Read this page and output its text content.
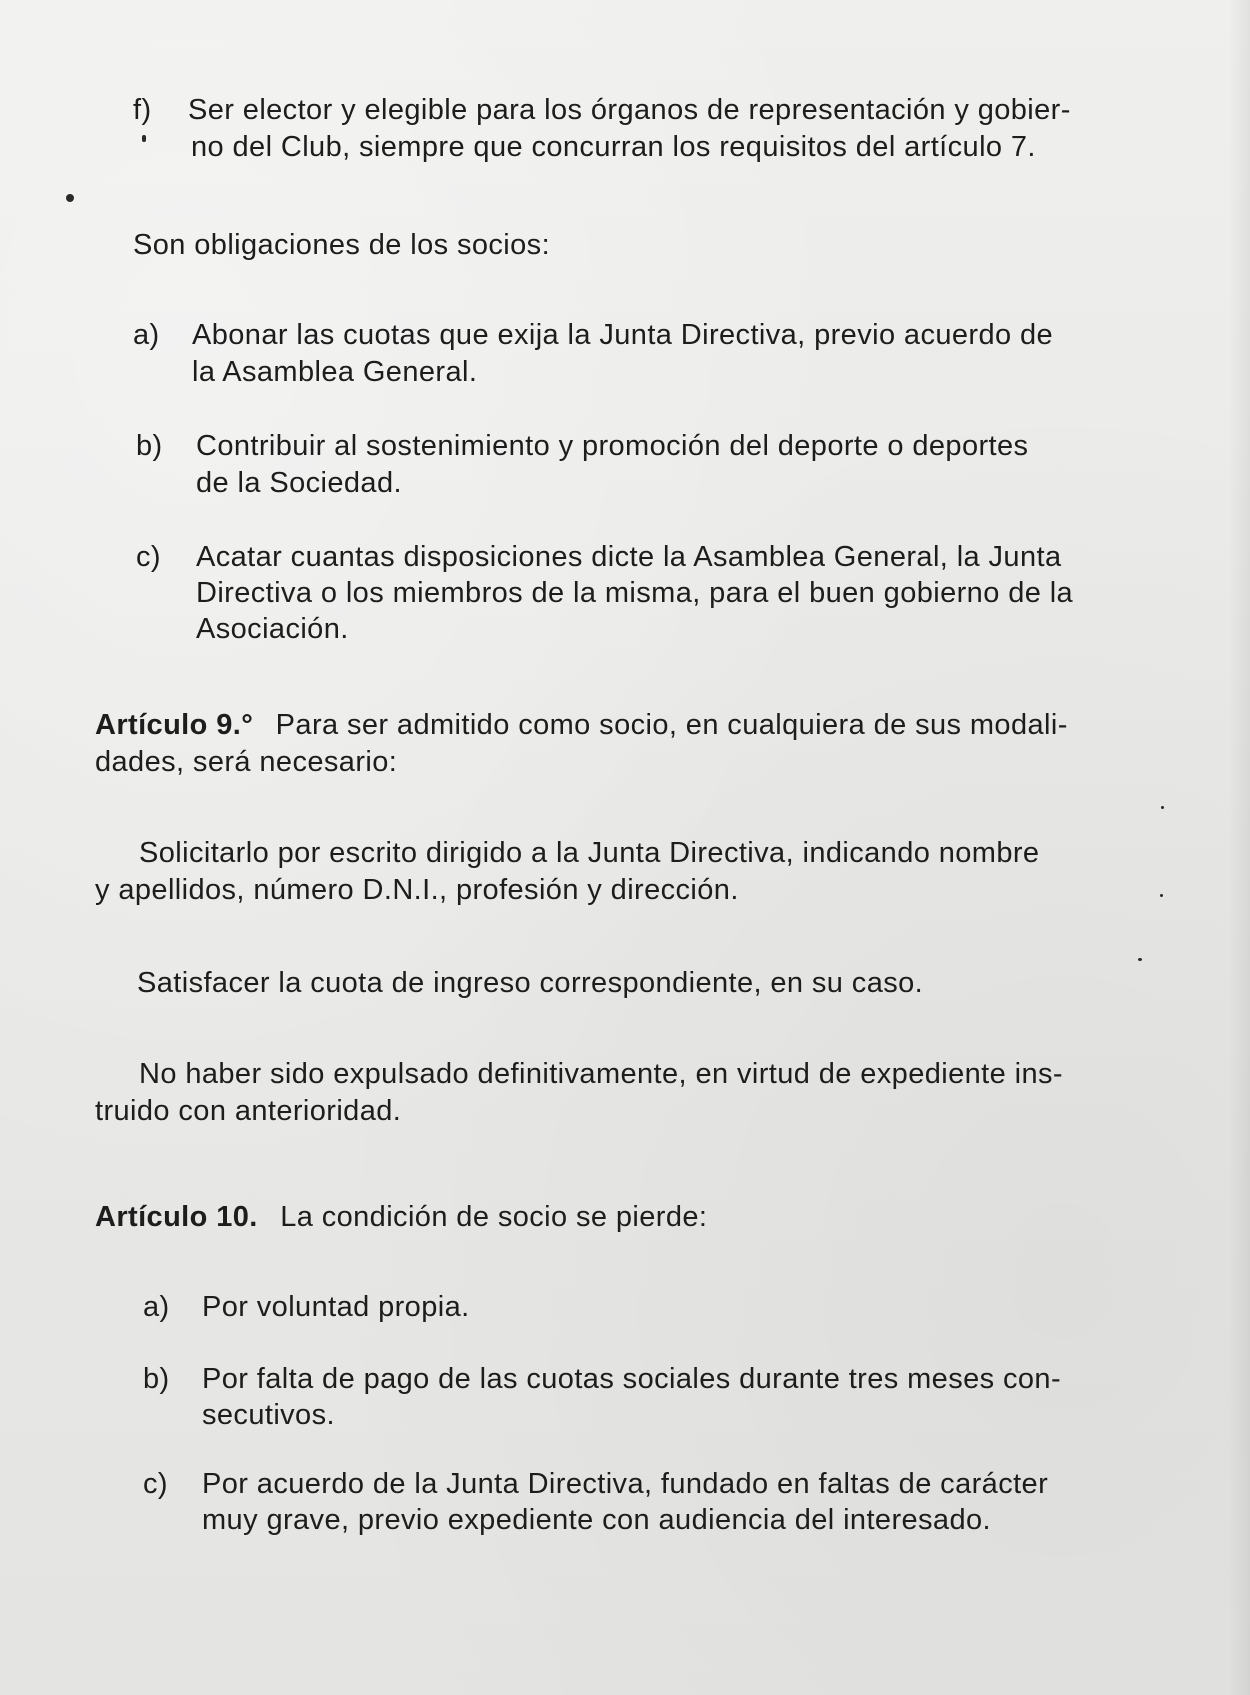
f) Ser elector y elegible para los órganos de representación y gobier-
no del Club, siempre que concurran los requisitos del artículo 7.
Son obligaciones de los socios:
a) Abonar las cuotas que exija la Junta Directiva, previo acuerdo de
la Asamblea General.
b) Contribuir al sostenimiento y promoción del deporte o deportes
de la Sociedad.
c) Acatar cuantas disposiciones dicte la Asamblea General, la Junta
Directiva o los miembros de la misma, para el buen gobierno de la
Asociación.
Artículo 9.° Para ser admitido como socio, en cualquiera de sus modali-
dades, será necesario:
Solicitarlo por escrito dirigido a la Junta Directiva, indicando nombre
y apellidos, número D.N.I., profesión y dirección.
Satisfacer la cuota de ingreso correspondiente, en su caso.
No haber sido expulsado definitivamente, en virtud de expediente ins-
truido con anterioridad.
Artículo 10. La condición de socio se pierde:
a) Por voluntad propia.
b) Por falta de pago de las cuotas sociales durante tres meses con-
secutivos.
c) Por acuerdo de la Junta Directiva, fundado en faltas de carácter
muy grave, previo expediente con audiencia del interesado.
